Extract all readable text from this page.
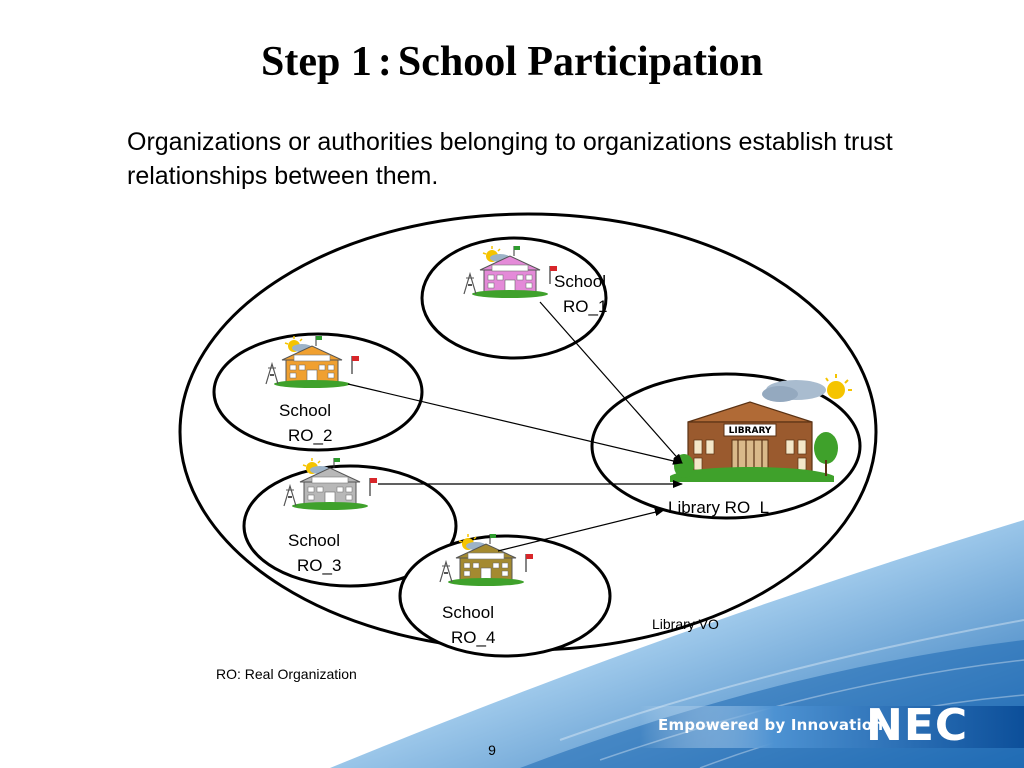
Step 1 : School Participation
Organizations or authorities belonging to organizations establish trust relationships between them.
LIBRARY
School RO_1
School RO_2
School RO_3
School RO_4
Library RO_L
Library VO
RO: Real Organization
Empowered by Innovation
NEC
9
